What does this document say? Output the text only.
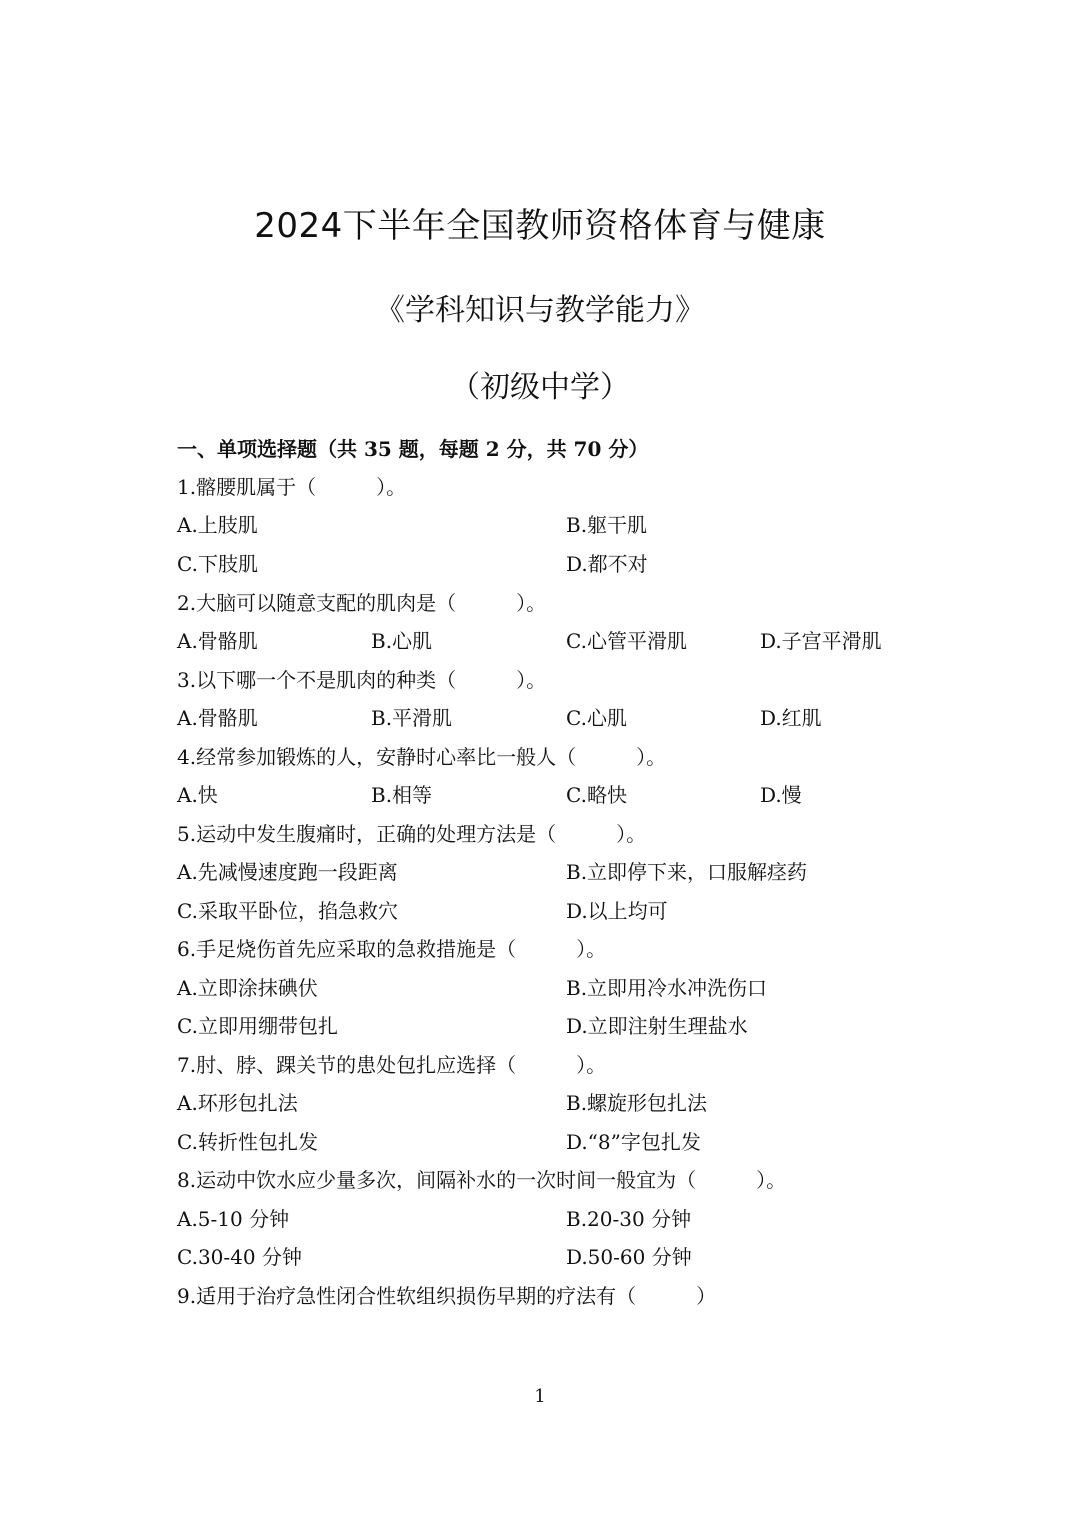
2024下半年全国教师资格体育与健康
《学科知识与教学能力》
（初级中学）
一、单项选择题（共 35 题，每题 2 分，共 70 分）
1.髂腰肌属于（　　　）。
A.上肢肌	B.躯干肌
C.下肢肌	D.都不对
2.大脑可以随意支配的肌肉是（　　　）。
A.骨骼肌	B.心肌	C.心管平滑肌	D.子宫平滑肌
3.以下哪一个不是肌肉的种类（　　　）。
A.骨骼肌	B.平滑肌	C.心肌	D.红肌
4.经常参加锻炼的人，安静时心率比一般人（　　　）。
A.快	B.相等	C.略快	D.慢
5.运动中发生腹痛时，正确的处理方法是（　　　）。
A.先减慢速度跑一段距离	B.立即停下来，口服解痉药
C.采取平卧位，掐急救穴	D.以上均可
6.手足烧伤首先应采取的急救措施是（　　　）。
A.立即涂抹碘伏	B.立即用冷水冲洗伤口
C.立即用绷带包扎	D.立即注射生理盐水
7.肘、脖、踝关节的患处包扎应选择（　　　）。
A.环形包扎法	B.螺旋形包扎法
C.转折性包扎发	D.“8”字包扎发
8.运动中饮水应少量多次，间隔补水的一次时间一般宜为（　　　）。
A.5-10 分钟	B.20-30 分钟
C.30-40 分钟	D.50-60 分钟
9.适用于治疗急性闭合性软组织损伤早期的疗法有（　　　）
1
